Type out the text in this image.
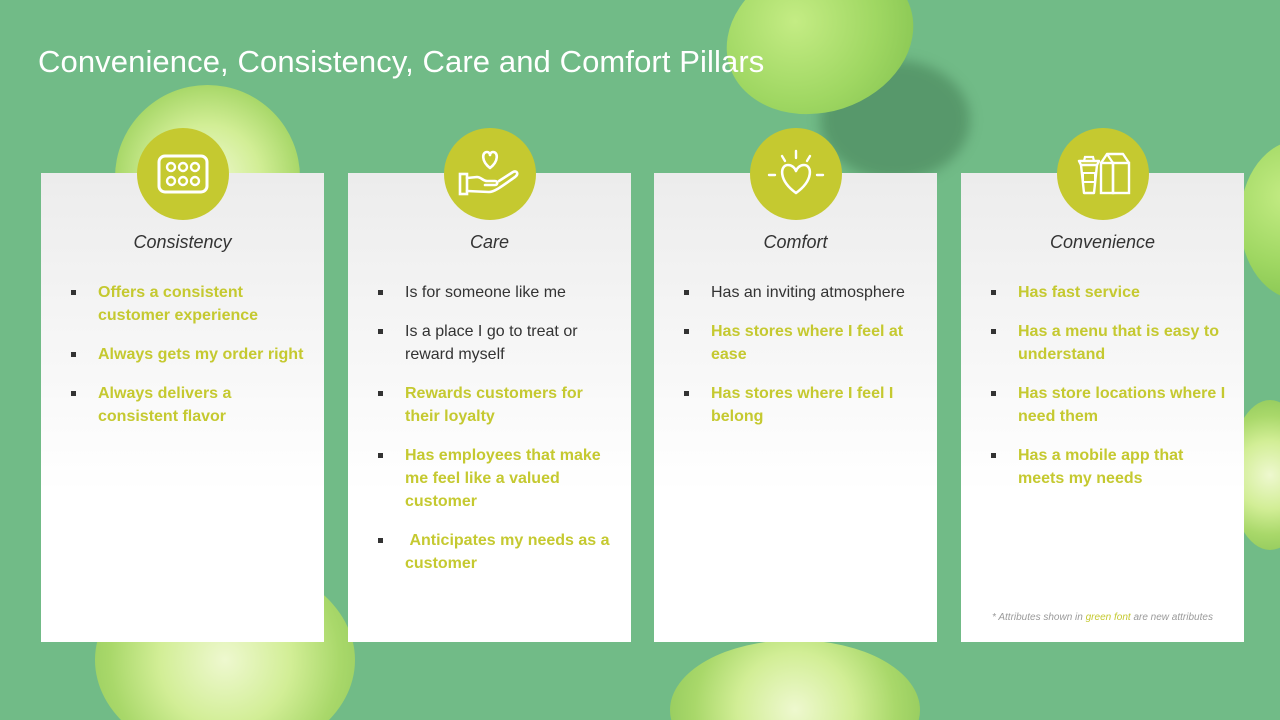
Convenience, Consistency, Care and Comfort Pillars
Consistency
Offers a consistent customer experience
Always gets my order right
Always delivers a consistent flavor
Care
Is for someone like me
Is a place I go to treat or reward myself
Rewards customers for their loyalty
Has employees that make me feel like a valued customer
Anticipates my needs as a customer
Comfort
Has an inviting atmosphere
Has stores where I feel at ease
Has stores where I feel I belong
Convenience
Has fast service
Has a menu that is easy to understand
Has store locations where I need them
Has a mobile app that meets my needs
* Attributes shown in green font are new attributes
